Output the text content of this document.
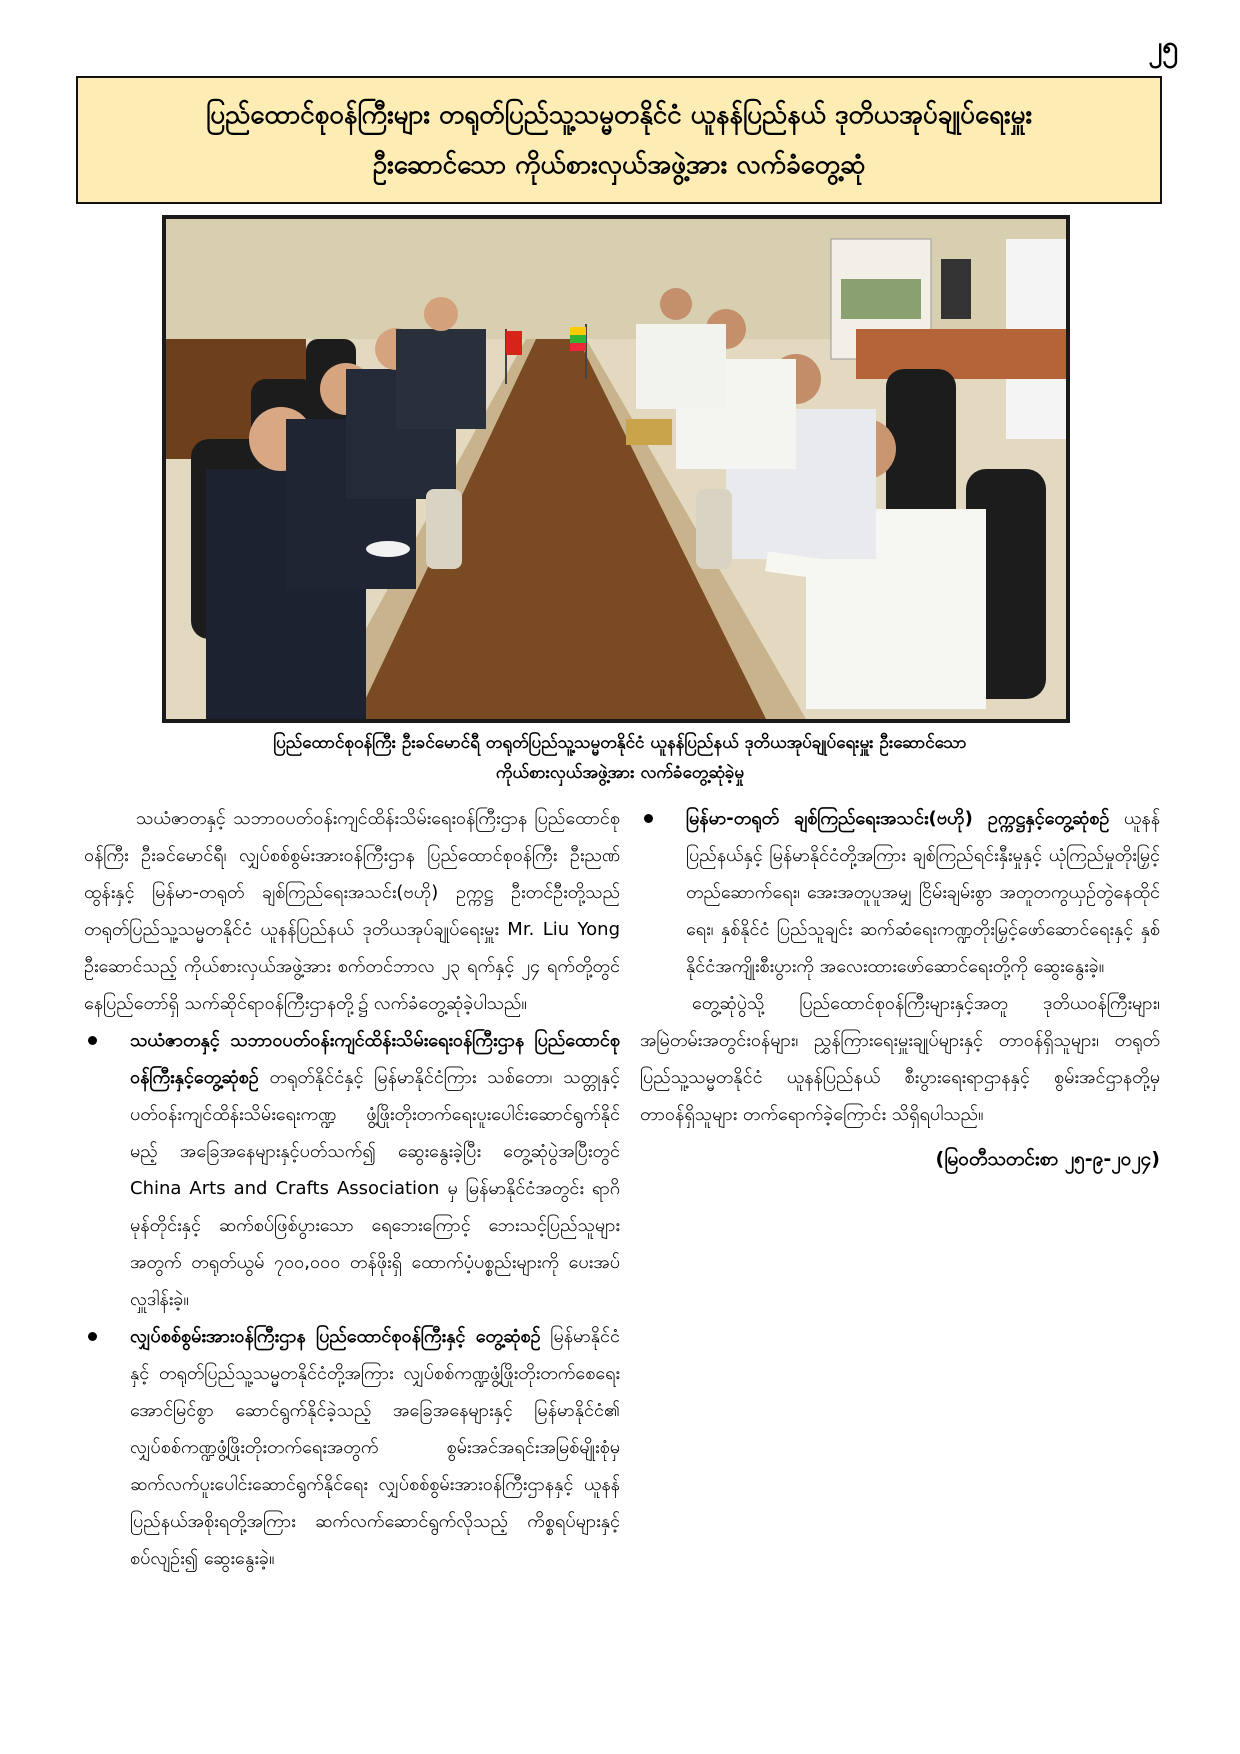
၂၅
ပြည်ထောင်စုဝန်ကြီးများ တရုတ်ပြည်သူ့သမ္မတနိုင်ငံ ယူနန်ပြည်နယ် ဒုတိယအုပ်ချုပ်ရေးမှူး
ဦးဆောင်သော ကိုယ်စားလှယ်အဖွဲ့အား လက်ခံတွေ့ဆုံ
ပြည်ထောင်စုဝန်ကြီး ဦးခင်မောင်ရီ တရုတ်ပြည်သူ့သမ္မတနိုင်ငံ ယူနန်ပြည်နယ် ဒုတိယအုပ်ချုပ်ရေးမှူး ဦးဆောင်သော
ကိုယ်စားလှယ်အဖွဲ့အား လက်ခံတွေ့ဆုံခဲ့မှု

သယံဇာတနှင့် သဘာဝပတ်ဝန်းကျင်ထိန်းသိမ်းရေးဝန်ကြီးဌာန ပြည်ထောင်စုဝန်ကြီး ဦးခင်မောင်ရီ၊ လျှပ်စစ်စွမ်းအားဝန်ကြီးဌာန ပြည်ထောင်စုဝန်ကြီး ဦးညဏ်ထွန်းနှင့် မြန်မာ-တရုတ် ချစ်ကြည်ရေးအသင်း(ဗဟို) ဥက္ကဋ္ဌ ဦးတင်ဦးတို့သည် တရုတ်ပြည်သူ့သမ္မတနိုင်ငံ ယူနန်ပြည်နယ် ဒုတိယအုပ်ချုပ်ရေးမှူး Mr. Liu Yong ဦးဆောင်သည့် ကိုယ်စားလှယ်အဖွဲ့အား စက်တင်ဘာလ ၂၃ ရက်နှင့် ၂၄ ရက်တို့တွင် နေပြည်တော်ရှိ သက်ဆိုင်ရာဝန်ကြီးဌာနတို့၌ လက်ခံတွေ့ဆုံခဲ့ပါသည်။

သယံဇာတနှင့် သဘာဝပတ်ဝန်းကျင်ထိန်းသိမ်းရေးဝန်ကြီးဌာန ပြည်ထောင်စုဝန်ကြီးနှင့်တွေ့ဆုံစဉ် တရုတ်နိုင်ငံနှင့် မြန်မာနိုင်ငံကြား သစ်တော၊ သတ္တုနှင့် ပတ်ဝန်းကျင်ထိန်းသိမ်းရေးကဏ္ဍ ဖွံ့ဖြိုးတိုးတက်ရေးပူးပေါင်းဆောင်ရွက်နိုင်မည့် အခြေအနေများနှင့်ပတ်သက်၍ ဆွေးနွေးခဲ့ပြီး တွေ့ဆုံပွဲအပြီးတွင် China Arts and Crafts Association မှ မြန်မာနိုင်ငံအတွင်း ရာဂိမုန်တိုင်းနှင့် ဆက်စပ်ဖြစ်ပွားသော ရေဘေးကြောင့် ဘေးသင့်ပြည်သူများအတွက် တရုတ်ယွမ် ၇၀၀,၀၀၀ တန်ဖိုးရှိ ထောက်ပံ့ပစ္စည်းများကို ပေးအပ်လှူဒါန်းခဲ့။

လျှပ်စစ်စွမ်းအားဝန်ကြီးဌာန ပြည်ထောင်စုဝန်ကြီးနှင့် တွေ့ဆုံစဉ် မြန်မာနိုင်ငံနှင့် တရုတ်ပြည်သူ့သမ္မတနိုင်ငံတို့အကြား လျှပ်စစ်ကဏ္ဍဖွံ့ဖြိုးတိုးတက်စေရေး အောင်မြင်စွာ ဆောင်ရွက်နိုင်ခဲ့သည့် အခြေအနေများနှင့် မြန်မာနိုင်ငံ၏ လျှပ်စစ်ကဏ္ဍဖွံ့ဖြိုးတိုးတက်ရေးအတွက် စွမ်းအင်အရင်းအမြစ်မျိုးစုံမှ ဆက်လက်ပူးပေါင်းဆောင်ရွက်နိုင်ရေး လျှပ်စစ်စွမ်းအားဝန်ကြီးဌာနနှင့် ယူနန်ပြည်နယ်အစိုးရတို့အကြား ဆက်လက်ဆောင်ရွက်လိုသည့် ကိစ္စရပ်များနှင့် စပ်လျဉ်း၍ ဆွေးနွေးခဲ့။

မြန်မာ-တရုတ် ချစ်ကြည်ရေးအသင်း(ဗဟို) ဥက္ကဋ္ဌနှင့်တွေ့ဆုံစဉ် ယူနန်ပြည်နယ်နှင့် မြန်မာနိုင်ငံတို့အကြား ချစ်ကြည်ရင်းနှီးမှုနှင့် ယုံကြည်မှုတိုးမြှင့်တည်ဆောက်ရေး၊ အေးအတူပူအမျှ ငြိမ်းချမ်းစွာ အတူတကွယှဉ်တွဲနေထိုင်ရေး၊ နှစ်နိုင်ငံ ပြည်သူချင်း ဆက်ဆံရေးကဏ္ဍတိုးမြှင့်ဖော်ဆောင်ရေးနှင့် နှစ်နိုင်ငံအကျိုးစီးပွားကို အလေးထားဖော်ဆောင်ရေးတို့ကို ဆွေးနွေးခဲ့။

တွေ့ဆုံပွဲသို့ ပြည်ထောင်စုဝန်ကြီးများနှင့်အတူ ဒုတိယဝန်ကြီးများ၊ အမြဲတမ်းအတွင်းဝန်များ၊ ညွှန်ကြားရေးမှူးချုပ်များနှင့် တာဝန်ရှိသူများ၊ တရုတ်ပြည်သူ့သမ္မတနိုင်ငံ ယူနန်ပြည်နယ် စီးပွားရေးရာဌာနနှင့် စွမ်းအင်ဌာနတို့မှ တာဝန်ရှိသူများ တက်ရောက်ခဲ့ကြောင်း သိရှိရပါသည်။

(မြဝတီသတင်းစာ ၂၅-၉-၂၀၂၄)
